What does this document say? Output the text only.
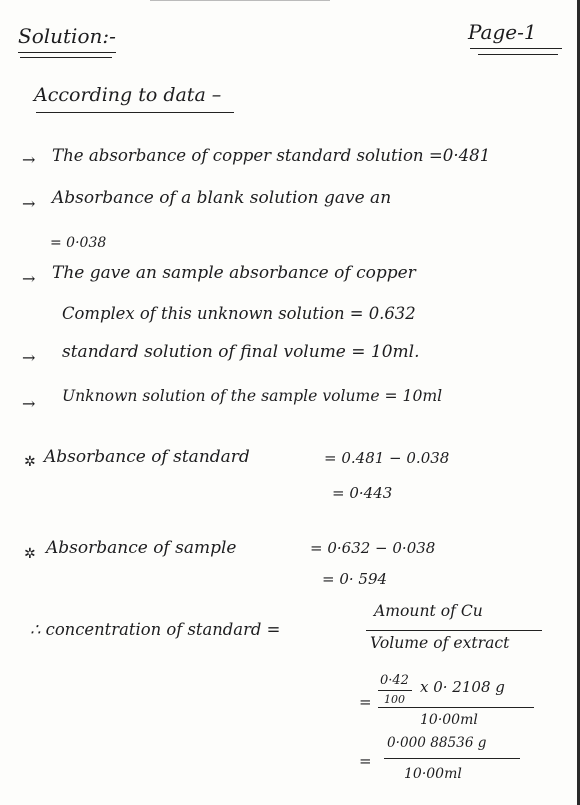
Solution:-	Page-1
According to data –
→ The absorbance of copper standard solution =0·481
→ Absorbance of a blank solution gave an
= 0·038
→ The gave an sample absorbance of copper
Complex of this unknown solution = 0.632
→ standard solution of final volume = 10ml.
→ Unknown solution of the sample volume = 10ml
✲ Absorbance of standard	= 0.481 − 0.038
= 0·443
✲ Absorbance of sample	= 0·632 − 0·038
= 0· 594
∴ concentration of standard =
Amount of Cu
Volume of extract
=
0·42
100
x 0· 2108 g
10·00ml
=
0·000 88536 g
10·00ml
